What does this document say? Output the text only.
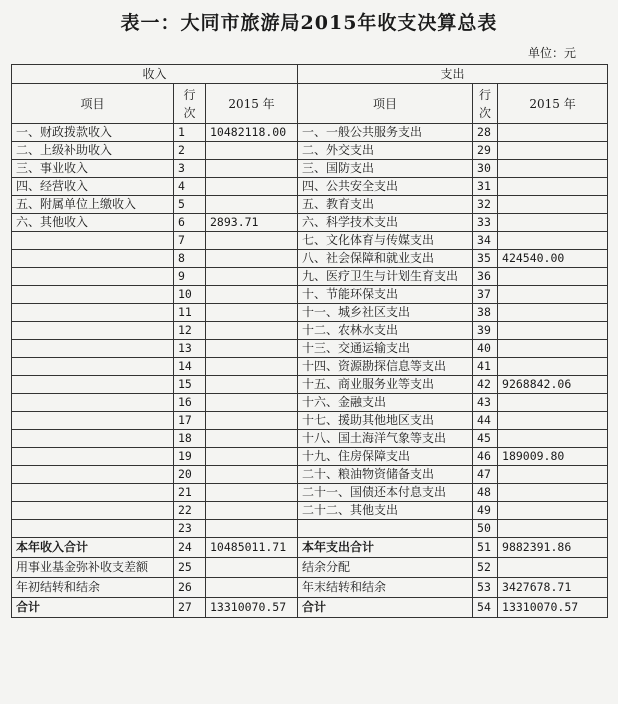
表一：大同市旅游局2015年收支决算总表
单位：元
收入			支出		
项目	行次	2015 年	项目	行次	2015 年
一、财政拨款收入	1	10482118.00	一、一般公共服务支出	28	
二、上级补助收入	2		二、外交支出	29	
三、事业收入	3		三、国防支出	30	
四、经营收入	4		四、公共安全支出	31	
五、附属单位上缴收入	5		五、教育支出	32	
六、其他收入	6	2893.71	六、科学技术支出	33	
	7		七、文化体育与传媒支出	34	
	8		八、社会保障和就业支出	35	424540.00
	9		九、医疗卫生与计划生育支出	36	
	10		十、节能环保支出	37	
	11		十一、城乡社区支出	38	
	12		十二、农林水支出	39	
	13		十三、交通运输支出	40	
	14		十四、资源勘探信息等支出	41	
	15		十五、商业服务业等支出	42	9268842.06
	16		十六、金融支出	43	
	17		十七、援助其他地区支出	44	
	18		十八、国土海洋气象等支出	45	
	19		十九、住房保障支出	46	189009.80
	20		二十、粮油物资储备支出	47	
	21		二十一、国债还本付息支出	48	
	22		二十二、其他支出	49	
	23			50	
本年收入合计	24	10485011.71	本年支出合计	51	9882391.86
用事业基金弥补收支差额	25		结余分配	52	
年初结转和结余	26		年末结转和结余	53	3427678.71
合计	27	13310070.57	合计	54	13310070.57
